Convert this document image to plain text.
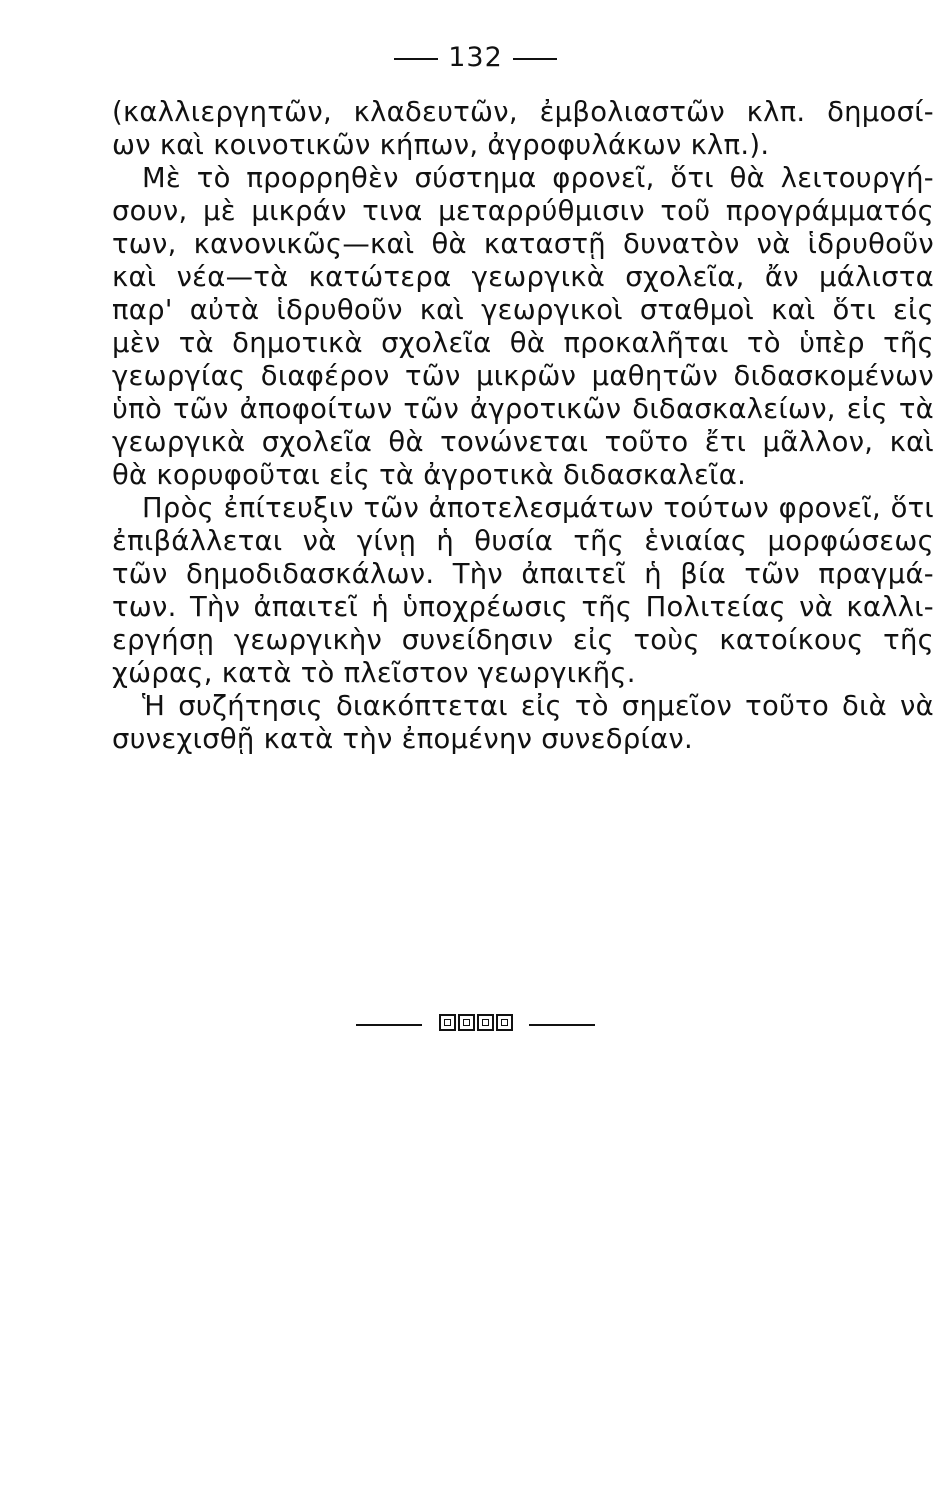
132
(καλλιεργητῶν, κλαδευτῶν, ἐμβολιαστῶν κλπ. δημοσί-
ων καὶ κοινοτικῶν κήπων, ἀγροφυλάκων κλπ.).
Μὲ τὸ προρρηθὲν σύστημα φρονεῖ, ὅτι θὰ λειτουργή-
σουν, μὲ μικράν τινα μεταρρύθμισιν τοῦ προγράμματός
των, κανονικῶς—καὶ θὰ καταστῇ δυνατὸν νὰ ἱδρυθοῦν
καὶ νέα—τὰ κατώτερα γεωργικὰ σχολεῖα, ἄν μάλιστα
παρ' αὐτὰ ἱδρυθοῦν καὶ γεωργικοὶ σταθμοὶ καὶ ὅτι εἰς
μὲν τὰ δημοτικὰ σχολεῖα θὰ προκαλῆται τὸ ὑπὲρ τῆς
γεωργίας διαφέρον τῶν μικρῶν μαθητῶν διδασκομένων
ὑπὸ τῶν ἀποφοίτων τῶν ἀγροτικῶν διδασκαλείων, εἰς τὰ
γεωργικὰ σχολεῖα θὰ τονώνεται τοῦτο ἔτι μᾶλλον, καὶ
θὰ κορυφοῦται εἰς τὰ ἀγροτικὰ διδασκαλεῖα.
Πρὸς ἐπίτευξιν τῶν ἀποτελεσμάτων τούτων φρονεῖ, ὅτι
ἐπιβάλλεται νὰ γίνῃ ἡ θυσία τῆς ἑνιαίας μορφώσεως
τῶν δημοδιδασκάλων. Τὴν ἀπαιτεῖ ἡ βία τῶν πραγμά-
των. Τὴν ἀπαιτεῖ ἡ ὑποχρέωσις τῆς Πολιτείας νὰ καλλι-
εργήσῃ γεωργικὴν συνείδησιν εἰς τοὺς κατοίκους τῆς
χώρας, κατὰ τὸ πλεῖστον γεωργικῆς.
Ἡ συζήτησις διακόπτεται εἰς τὸ σημεῖον τοῦτο διὰ νὰ
συνεχισθῇ κατὰ τὴν ἐπομένην συνεδρίαν.
